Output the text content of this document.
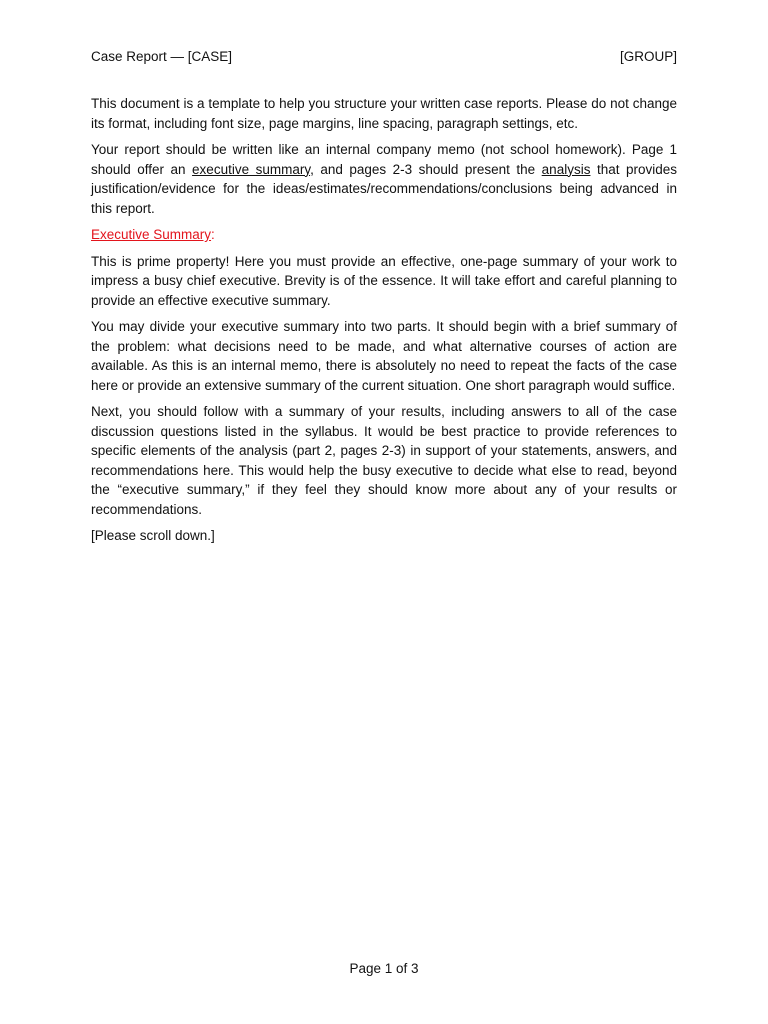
Case Report — [CASE]	[GROUP]

This document is a template to help you structure your written case reports. Please do not change its format, including font size, page margins, line spacing, paragraph settings, etc.

Your report should be written like an internal company memo (not school homework). Page 1 should offer an executive summary, and pages 2-3 should present the analysis that provides justification/evidence for the ideas/estimates/recommendations/conclusions being advanced in this report.

Executive Summary:

This is prime property! Here you must provide an effective, one-page summary of your work to impress a busy chief executive. Brevity is of the essence. It will take effort and careful planning to provide an effective executive summary.

You may divide your executive summary into two parts. It should begin with a brief summary of the problem: what decisions need to be made, and what alternative courses of action are available. As this is an internal memo, there is absolutely no need to repeat the facts of the case here or provide an extensive summary of the current situation. One short paragraph would suffice.

Next, you should follow with a summary of your results, including answers to all of the case discussion questions listed in the syllabus. It would be best practice to provide references to specific elements of the analysis (part 2, pages 2-3) in support of your statements, answers, and recommendations here. This would help the busy executive to decide what else to read, beyond the “executive summary,” if they feel they should know more about any of your results or recommendations.

[Please scroll down.]

Page 1 of 3
